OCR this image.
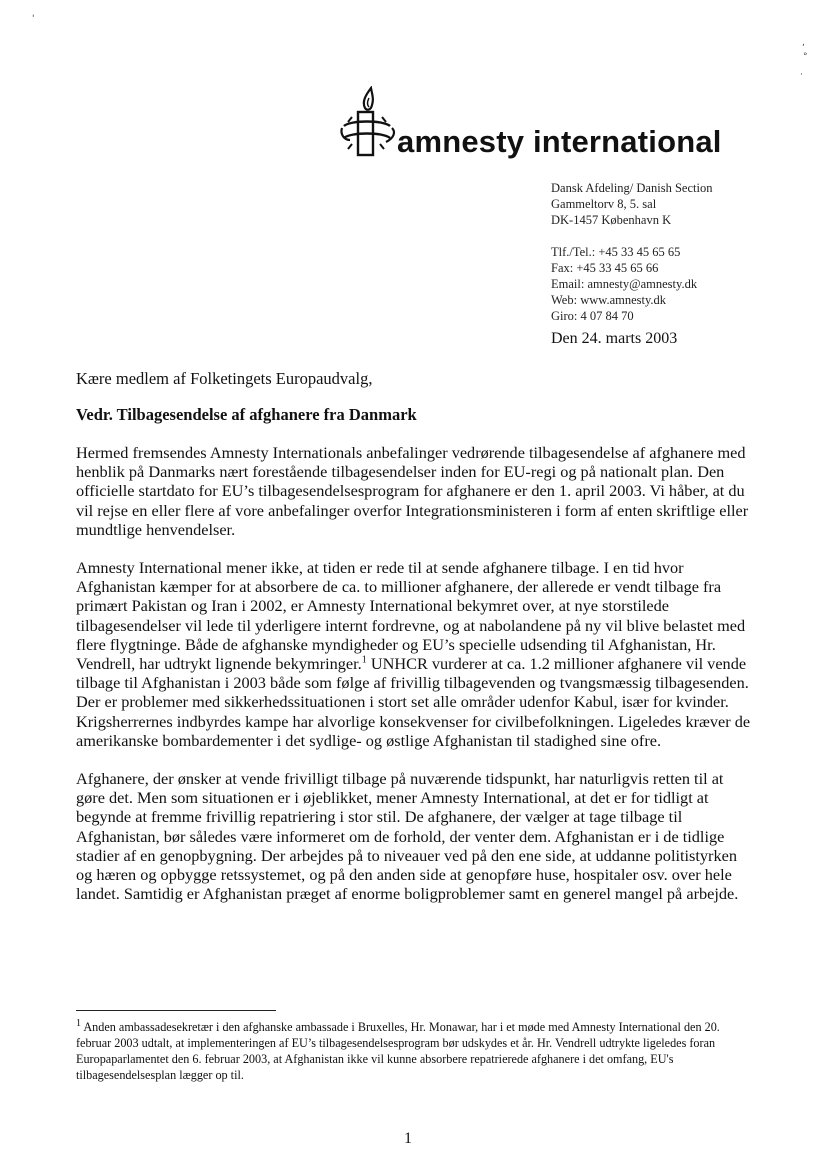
amnesty international
Dansk Afdeling/ Danish Section
Gammeltorv 8, 5. sal
DK-1457 København K
Tlf./Tel.: +45 33 45 65 65
Fax: +45 33 45 65 66
Email: amnesty@amnesty.dk
Web: www.amnesty.dk
Giro: 4 07 84 70
Den 24. marts 2003
Kære medlem af Folketingets Europaudvalg,
Vedr. Tilbagesendelse af afghanere fra Danmark

Hermed fremsendes Amnesty Internationals anbefalinger vedrørende tilbagesendelse af afghanere med henblik på Danmarks nært forestående tilbagesendelser inden for EU-regi og på nationalt plan. Den officielle startdato for EU’s tilbagesendelsesprogram for afghanere er den 1. april 2003. Vi håber, at du vil rejse en eller flere af vore anbefalinger overfor Integrationsministeren i form af enten skriftlige eller mundtlige henvendelser.

Amnesty International mener ikke, at tiden er rede til at sende afghanere tilbage. I en tid hvor Afghanistan kæmper for at absorbere de ca. to millioner afghanere, der allerede er vendt tilbage fra primært Pakistan og Iran i 2002, er Amnesty International bekymret over, at nye storstilede tilbagesendelser vil lede til yderligere internt fordrevne, og at nabolandene på ny vil blive belastet med flere flygtninge. Både de afghanske myndigheder og EU’s specielle udsending til Afghanistan, Hr. Vendrell, har udtrykt lignende bekymringer.$^1$ UNHCR vurderer at ca. 1.2 millioner afghanere vil vende tilbage til Afghanistan i 2003 både som følge af frivillig tilbagevenden og tvangsmæssig tilbagesenden. Der er problemer med sikkerhedssituationen i stort set alle områder udenfor Kabul, især for kvinder. Krigsherrernes indbyrdes kampe har alvorlige konsekvenser for civilbefolkningen. Ligeledes kræver de amerikanske bombardementer i det sydlige- og østlige Afghanistan til stadighed sine ofre.

Afghanere, der ønsker at vende frivilligt tilbage på nuværende tidspunkt, har naturligvis retten til at gøre det. Men som situationen er i øjeblikket, mener Amnesty International, at det er for tidligt at begynde at fremme frivillig repatriering i stor stil. De afghanere, der vælger at tage tilbage til Afghanistan, bør således være informeret om de forhold, der venter dem. Afghanistan er i de tidlige stadier af en genopbygning. Der arbejdes på to niveauer ved på den ene side, at uddanne politistyrken og hæren og opbygge retssystemet, og på den anden side at genopføre huse, hospitaler osv. over hele landet. Samtidig er Afghanistan præget af enorme boligproblemer samt en generel mangel på arbejde.

$^1$ Anden ambassadesekretær i den afghanske ambassade i Bruxelles, Hr. Monawar, har i et møde med Amnesty International den 20. februar 2003 udtalt, at implementeringen af EU’s tilbagesendelsesprogram bør udskydes et år. Hr. Vendrell udtrykte ligeledes foran Europaparlamentet den 6. februar 2003, at Afghanistan ikke vil kunne absorbere repatrierede afghanere i det omfang, EU's tilbagesendelsesplan lægger op til.
1
,
°
·
'
